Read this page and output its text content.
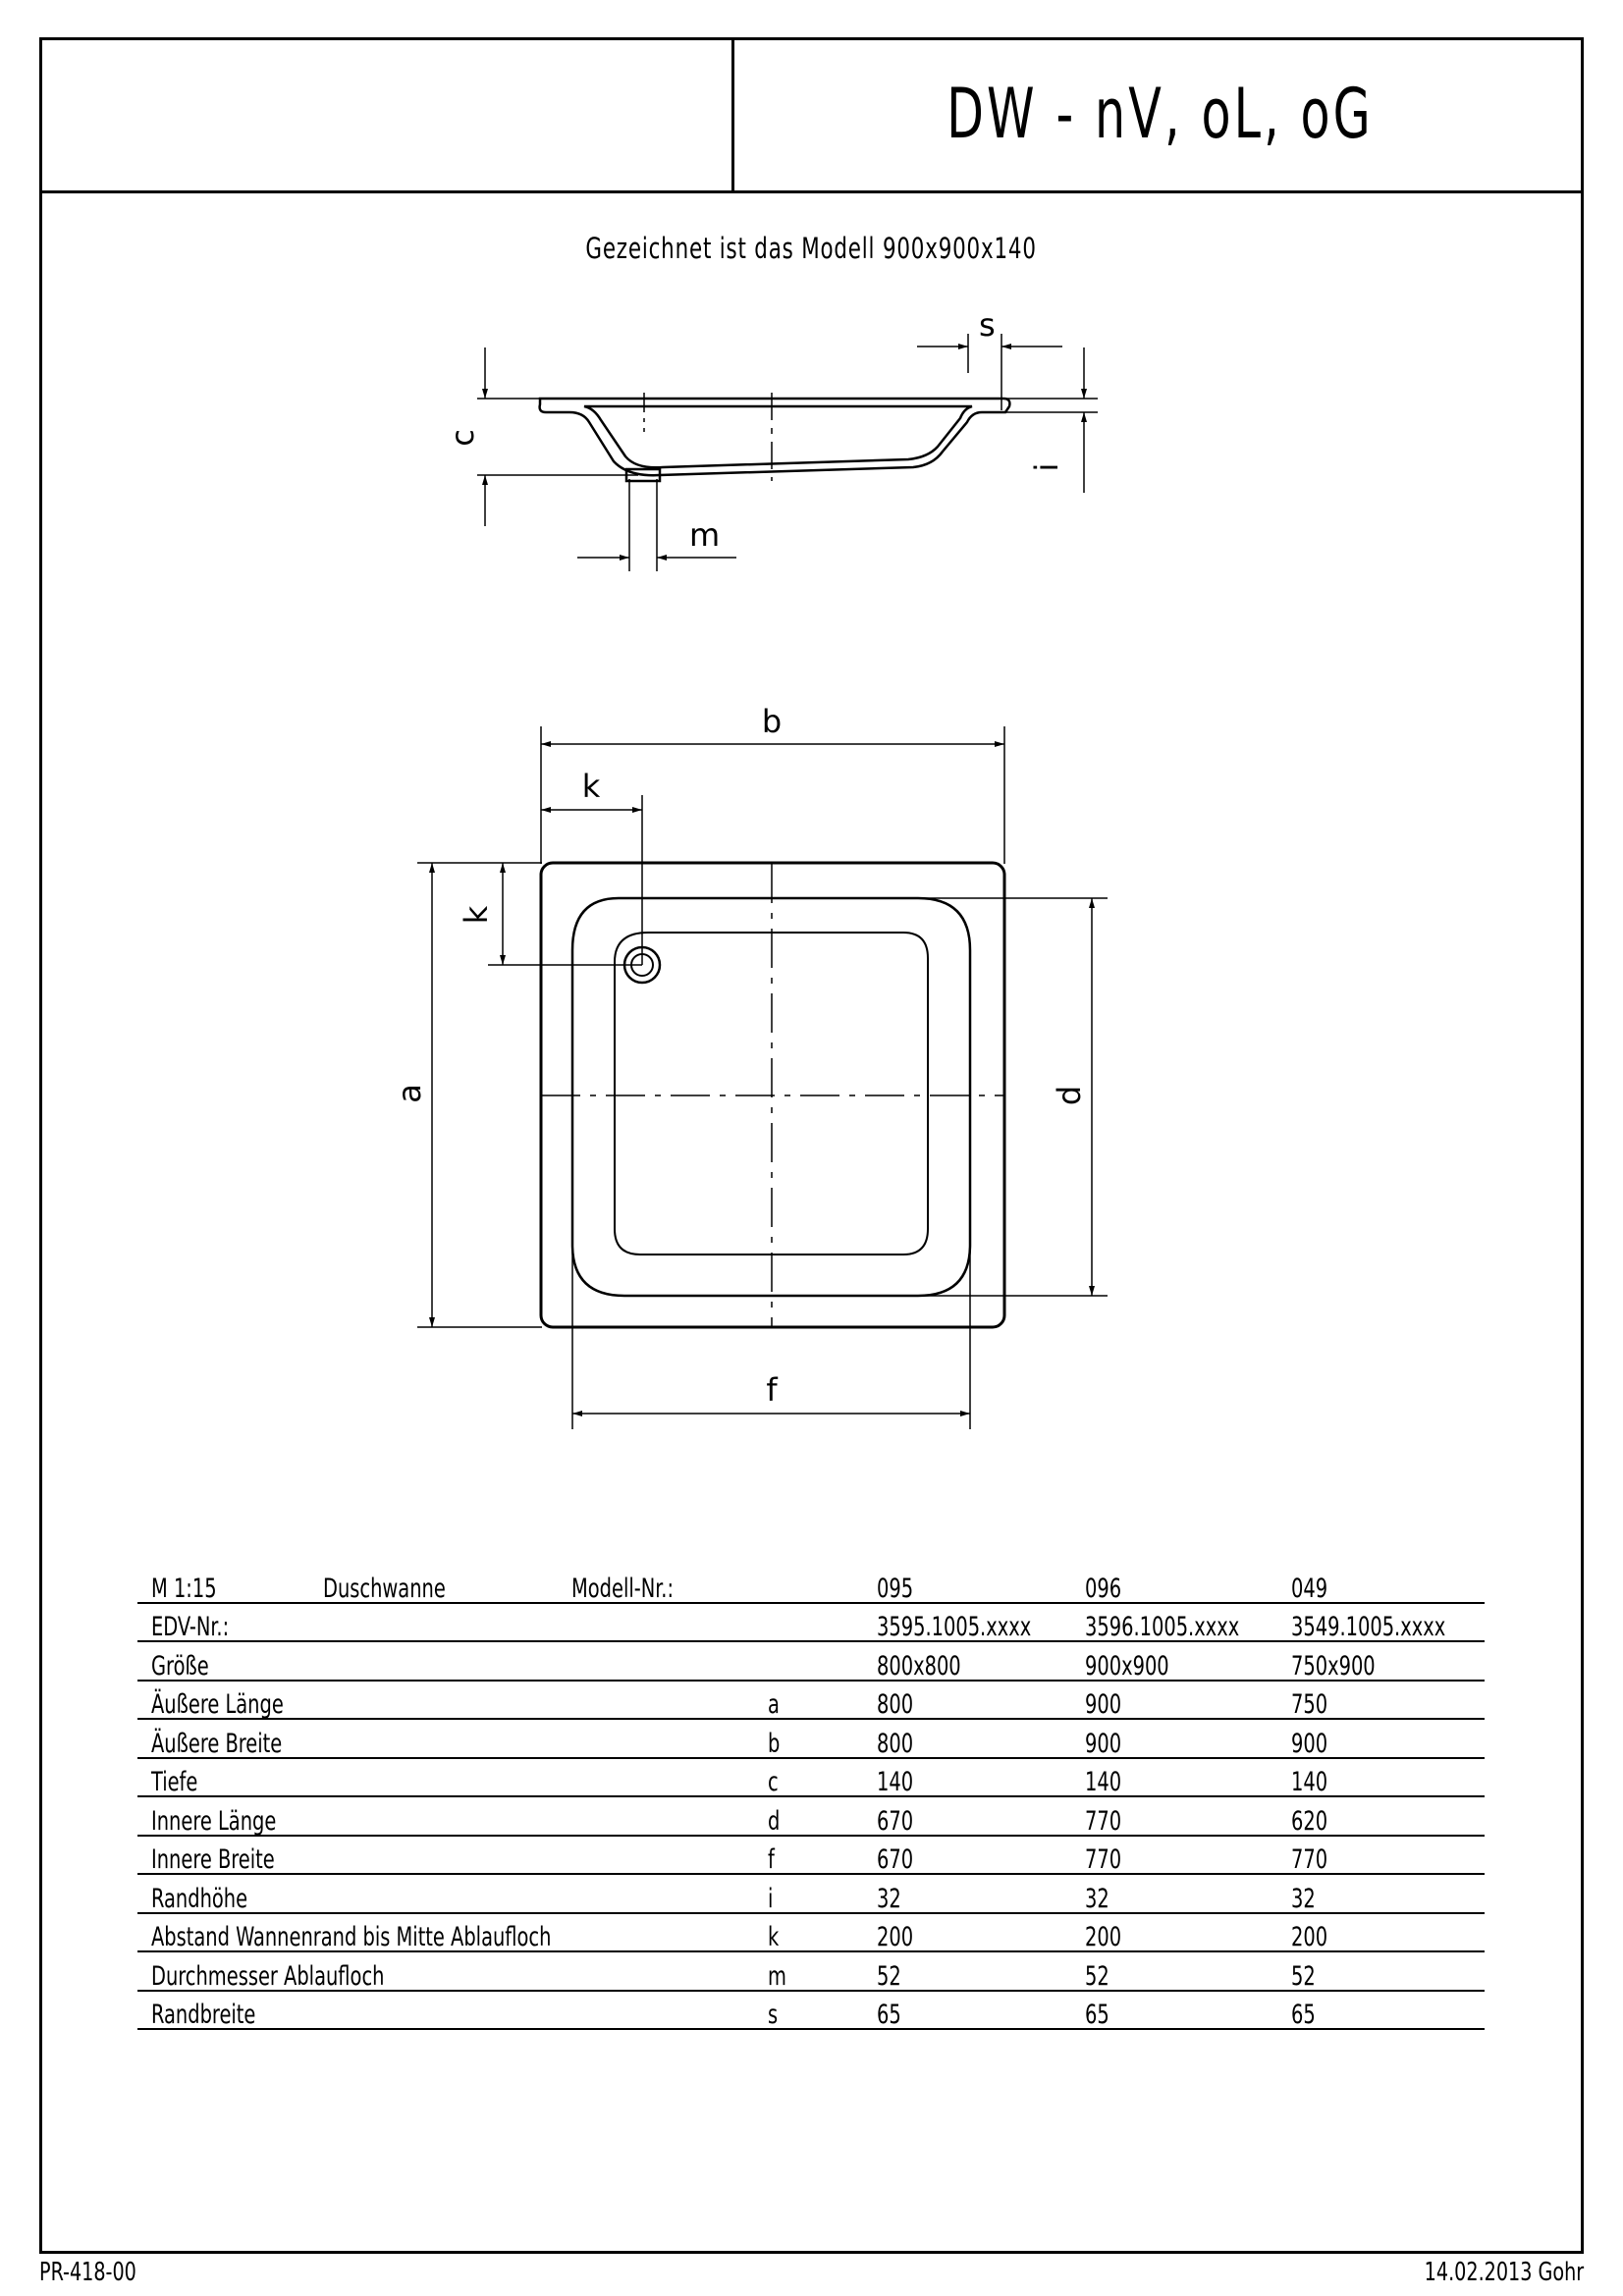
DW - nV, oL, oG
Gezeichnet ist das Modell 900x900x140
s
c
i
m
b
k
k
a	d
f
M 1:15	Duschwanne	Modell-Nr.:		095	096	049
EDV-Nr.:				3595.1005.xxxx	3596.1005.xxxx	3549.1005.xxxx
Größe				800x800	900x900	750x900
Äußere Länge			a	800	900	750
Äußere Breite			b	800	900	900
Tiefe			c	140	140	140
Innere Länge			d	670	770	620
Innere Breite			f	670	770	770
Randhöhe			i	32	32	32
Abstand Wannenrand bis Mitte Ablaufloch			k	200	200	200
Durchmesser Ablaufloch			m	52	52	52
Randbreite			s	65	65	65
PR-418-00	14.02.2013 Gohr
